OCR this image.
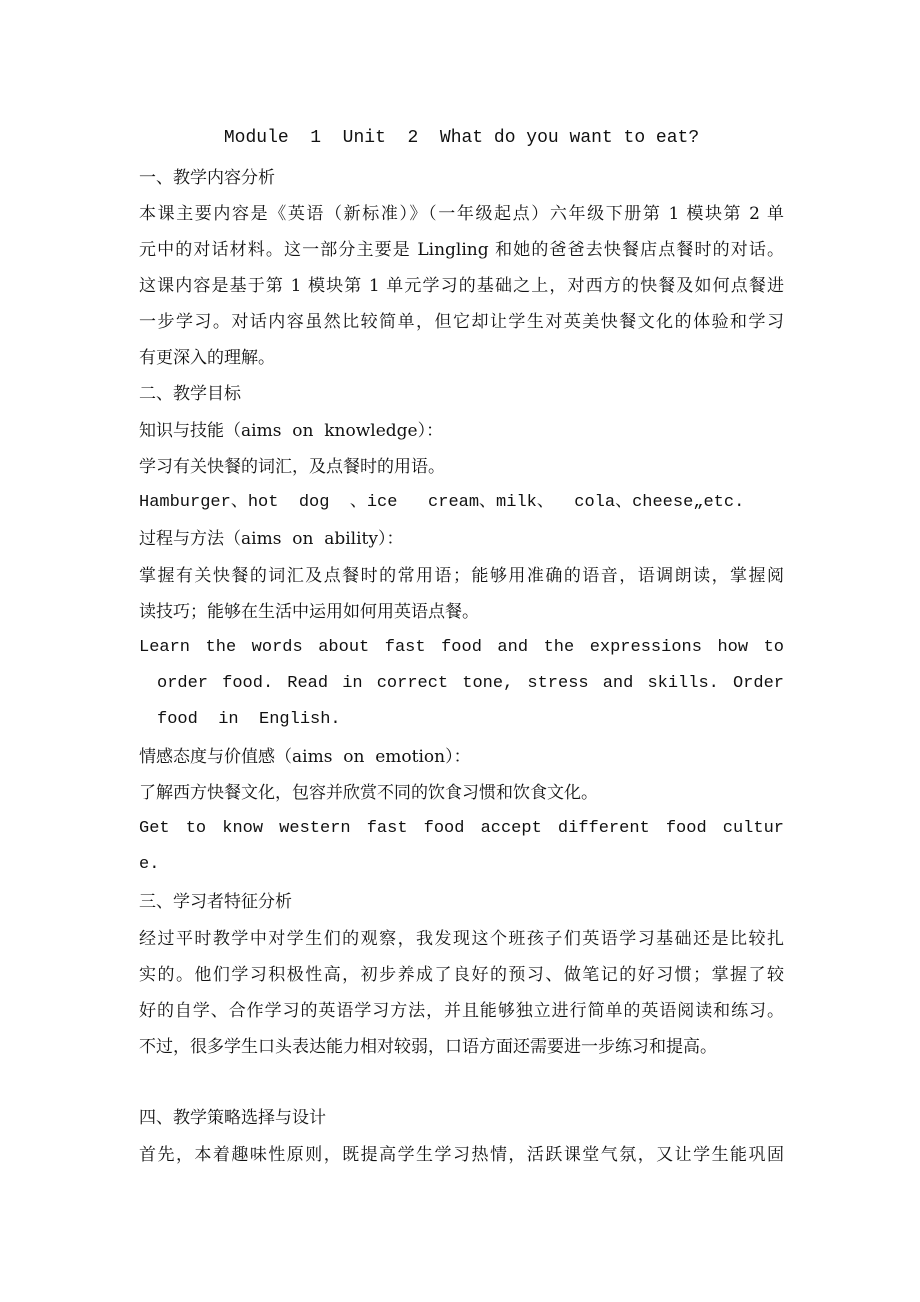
Module  1  Unit  2  What do you want to eat?
一、教学内容分析
本课主要内容是《英语（新标准）》（一年级起点）六年级下册第 1 模块第 2 单
元中的对话材料。这一部分主要是 Lingling 和她的爸爸去快餐店点餐时的对话。
这课内容是基于第 1 模块第 1 单元学习的基础之上，对西方的快餐及如何点餐进
一步学习。对话内容虽然比较简单，但它却让学生对英美快餐文化的体验和学习
有更深入的理解。
二、教学目标
知识与技能（aims  on  knowledge）：
学习有关快餐的词汇，及点餐时的用语。
Hamburger、hot  dog  、ice   cream、milk、  cola、cheese„etc.
过程与方法（aims  on  ability）：
掌握有关快餐的词汇及点餐时的常用语；能够用准确的语音，语调朗读，掌握阅
读技巧；能够在生活中运用如何用英语点餐。
Learn the words about fast food and the expressions how to
order food. Read in correct tone, stress and skills. Order
food  in  English.
情感态度与价值感（aims  on  emotion）：
了解西方快餐文化，包容并欣赏不同的饮食习惯和饮食文化。
Get to know western fast food accept different food cultur
e.
三、学习者特征分析
经过平时教学中对学生们的观察，我发现这个班孩子们英语学习基础还是比较扎
实的。他们学习积极性高，初步养成了良好的预习、做笔记的好习惯；掌握了较
好的自学、合作学习的英语学习方法，并且能够独立进行简单的英语阅读和练习。
不过，很多学生口头表达能力相对较弱，口语方面还需要进一步练习和提高。
四、教学策略选择与设计
首先，本着趣味性原则，既提高学生学习热情，活跃课堂气氛，又让学生能巩固
